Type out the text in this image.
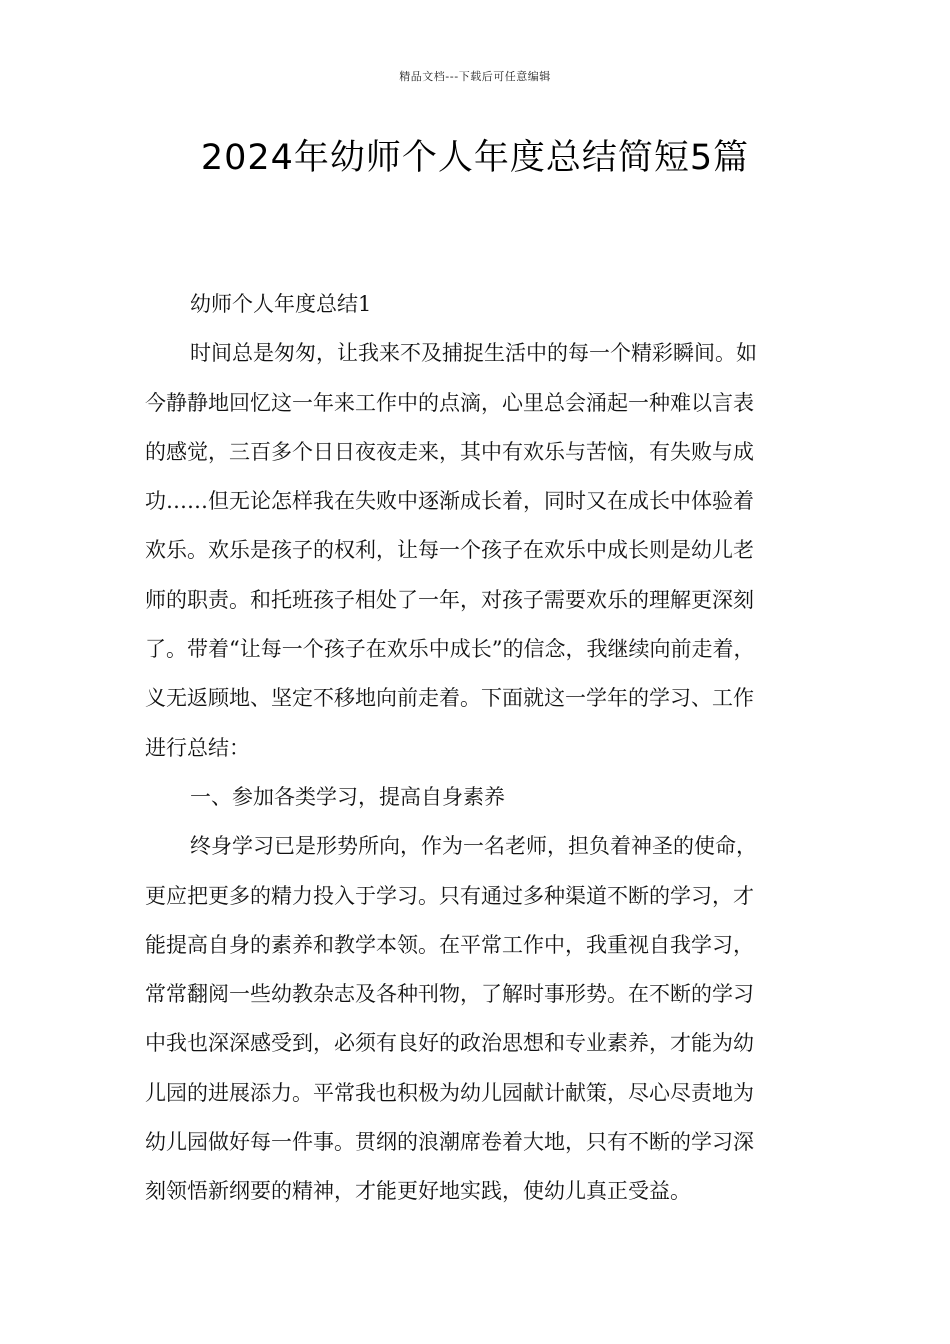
精品文档---下载后可任意编辑
2024年幼师个人年度总结简短5篇
幼师个人年度总结1
时间总是匆匆，让我来不及捕捉生活中的每一个精彩瞬间。如
今静静地回忆这一年来工作中的点滴，心里总会涌起一种难以言表
的感觉，三百多个日日夜夜走来，其中有欢乐与苦恼，有失败与成
功……但无论怎样我在失败中逐渐成长着，同时又在成长中体验着
欢乐。欢乐是孩子的权利，让每一个孩子在欢乐中成长则是幼儿老
师的职责。和托班孩子相处了一年，对孩子需要欢乐的理解更深刻
了。带着“让每一个孩子在欢乐中成长”的信念，我继续向前走着，
义无返顾地、坚定不移地向前走着。下面就这一学年的学习、工作
进行总结：
一、参加各类学习，提高自身素养
终身学习已是形势所向，作为一名老师，担负着神圣的使命，
更应把更多的精力投入于学习。只有通过多种渠道不断的学习，才
能提高自身的素养和教学本领。在平常工作中，我重视自我学习，
常常翻阅一些幼教杂志及各种刊物，了解时事形势。在不断的学习
中我也深深感受到，必须有良好的政治思想和专业素养，才能为幼
儿园的进展添力。平常我也积极为幼儿园献计献策，尽心尽责地为
幼儿园做好每一件事。贯纲的浪潮席卷着大地，只有不断的学习深
刻领悟新纲要的精神，才能更好地实践，使幼儿真正受益。
